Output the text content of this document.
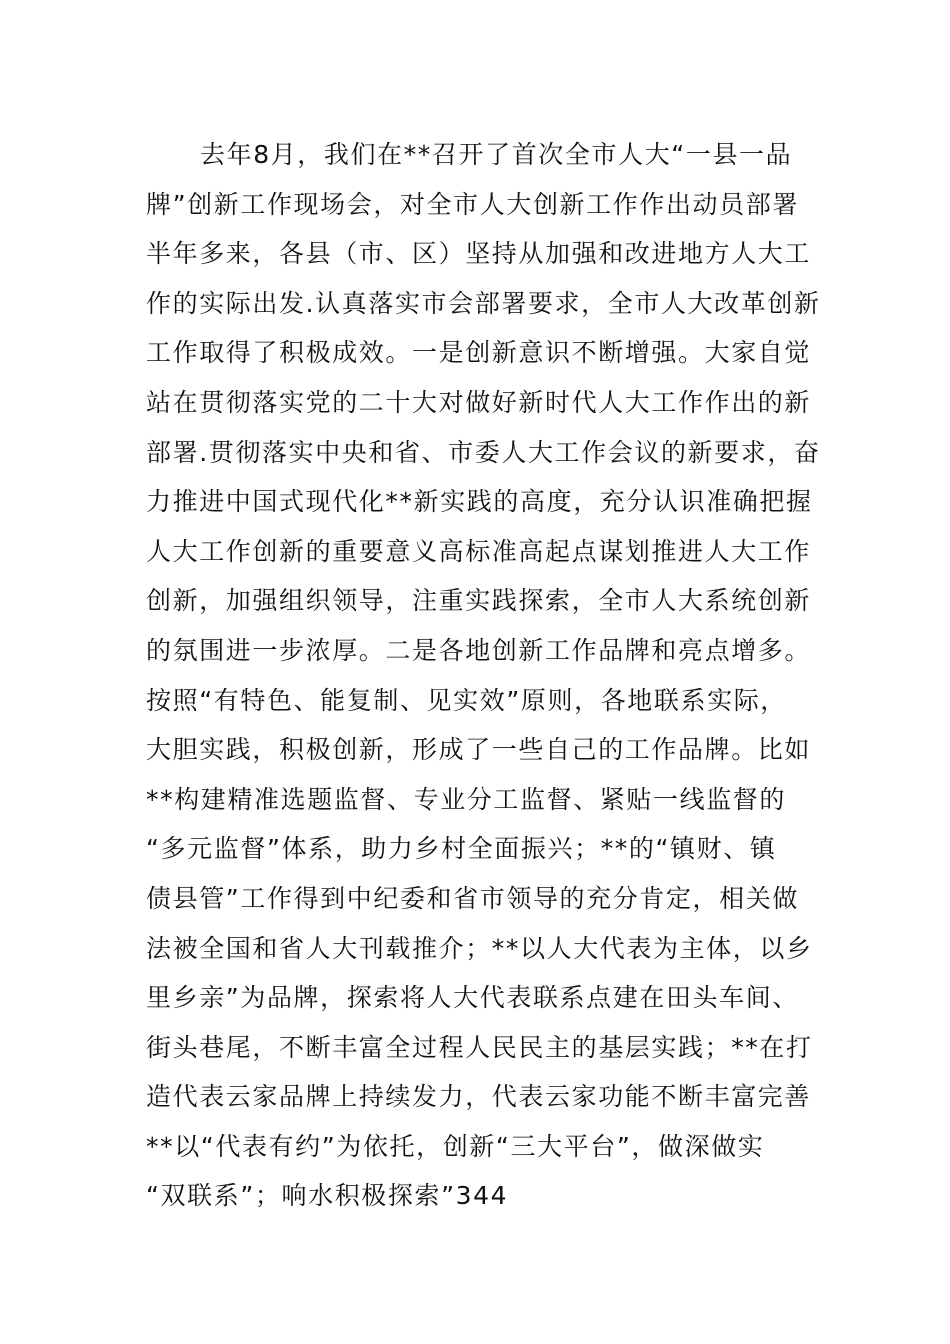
去年8月，我们在**召开了首次全市人大“一县一品
牌”创新工作现场会，对全市人大创新工作作出动员部署
半年多来，各县（市、区）坚持从加强和改进地方人大工
作的实际出发.认真落实市会部署要求，全市人大改革创新
工作取得了积极成效。一是创新意识不断增强。大家自觉
站在贯彻落实党的二十大对做好新时代人大工作作出的新
部署.贯彻落实中央和省、市委人大工作会议的新要求，奋
力推进中国式现代化**新实践的高度，充分认识准确把握
人大工作创新的重要意义高标准高起点谋划推进人大工作
创新，加强组织领导，注重实践探索，全市人大系统创新
的氛围进一步浓厚。二是各地创新工作品牌和亮点增多。
按照“有特色、能复制、见实效”原则，各地联系实际，
大胆实践，积极创新，形成了一些自己的工作品牌。比如
**构建精准选题监督、专业分工监督、紧贴一线监督的
“多元监督”体系，助力乡村全面振兴；**的“镇财、镇
债县管”工作得到中纪委和省市领导的充分肯定，相关做
法被全国和省人大刊载推介；**以人大代表为主体，以乡
里乡亲”为品牌，探索将人大代表联系点建在田头车间、
街头巷尾，不断丰富全过程人民民主的基层实践；**在打
造代表云家品牌上持续发力，代表云家功能不断丰富完善
**以“代表有约”为依托，创新“三大平台”，做深做实
“双联系”；响水积极探索”344
